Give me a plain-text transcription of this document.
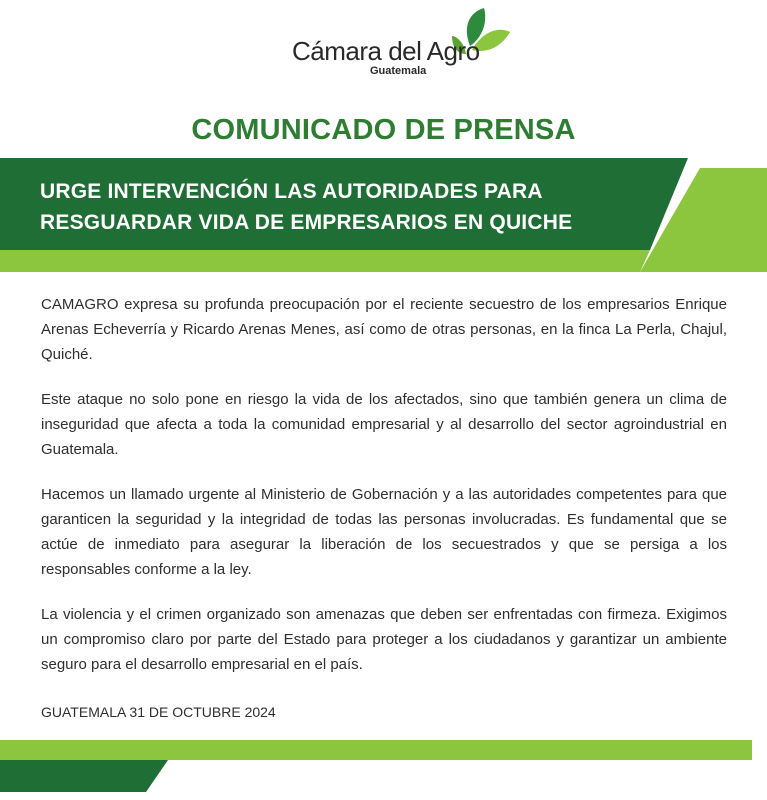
Cámara del Agro
Guatemala
COMUNICADO DE PRENSA
URGE INTERVENCIÓN LAS AUTORIDADES PARA
RESGUARDAR VIDA DE EMPRESARIOS EN QUICHE

CAMAGRO expresa su profunda preocupación por el reciente secuestro de los empresarios Enrique Arenas Echeverría y Ricardo Arenas Menes, así como de otras personas, en la finca La Perla, Chajul, Quiché.

Este ataque no solo pone en riesgo la vida de los afectados, sino que también genera un clima de inseguridad que afecta a toda la comunidad empresarial y al desarrollo del sector agroindustrial en Guatemala.

Hacemos un llamado urgente al Ministerio de Gobernación y a las autoridades competentes para que garanticen la seguridad y la integridad de todas las personas involucradas. Es fundamental que se actúe de inmediato para asegurar la liberación de los secuestrados y que se persiga a los responsables conforme a la ley.

La violencia y el crimen organizado son amenazas que deben ser enfrentadas con firmeza. Exigimos un compromiso claro por parte del Estado para proteger a los ciudadanos y garantizar un ambiente seguro para el desarrollo empresarial en el país.

GUATEMALA 31 DE OCTUBRE 2024
